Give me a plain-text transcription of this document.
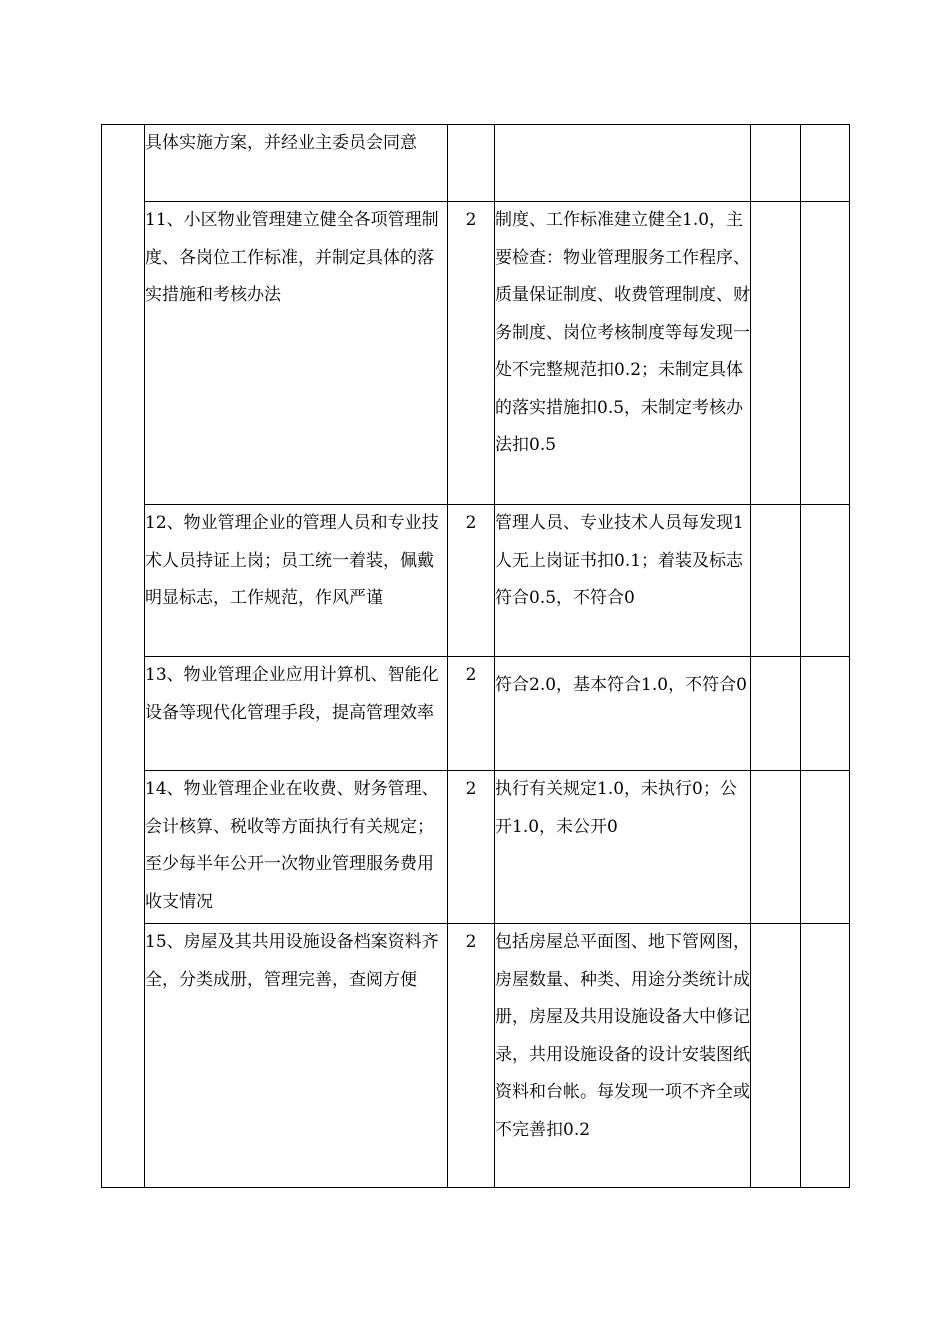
	具体实施方案，并经业主委员会同意				

	11、小区物业管理建立健全各项管理制度、各岗位工作标准，并制定具体的落实措施和考核办法	2	制度、工作标准建立健全1.0，主要检查：物业管理服务工作程序、质量保证制度、收费管理制度、财务制度、岗位考核制度等每发现一处不完整规范扣0.2；未制定具体的落实措施扣0.5，未制定考核办法扣0.5		

	12、物业管理企业的管理人员和专业技术人员持证上岗；员工统一着装，佩戴明显标志，工作规范，作风严谨	2	管理人员、专业技术人员每发现1人无上岗证书扣0.1；着装及标志符合0.5，不符合0		

	13、物业管理企业应用计算机、智能化设备等现代化管理手段，提高管理效率	2	符合2.0，基本符合1.0，不符合0		

	14、物业管理企业在收费、财务管理、会计核算、税收等方面执行有关规定；至少每半年公开一次物业管理服务费用收支情况	2	执行有关规定1.0，未执行0；公开1.0，未公开0		

	15、房屋及其共用设施设备档案资料齐全，分类成册，管理完善，查阅方便	2	包括房屋总平面图、地下管网图，房屋数量、种类、用途分类统计成册，房屋及共用设施设备大中修记录，共用设施设备的设计安装图纸资料和台帐。每发现一项不齐全或不完善扣0.2		
